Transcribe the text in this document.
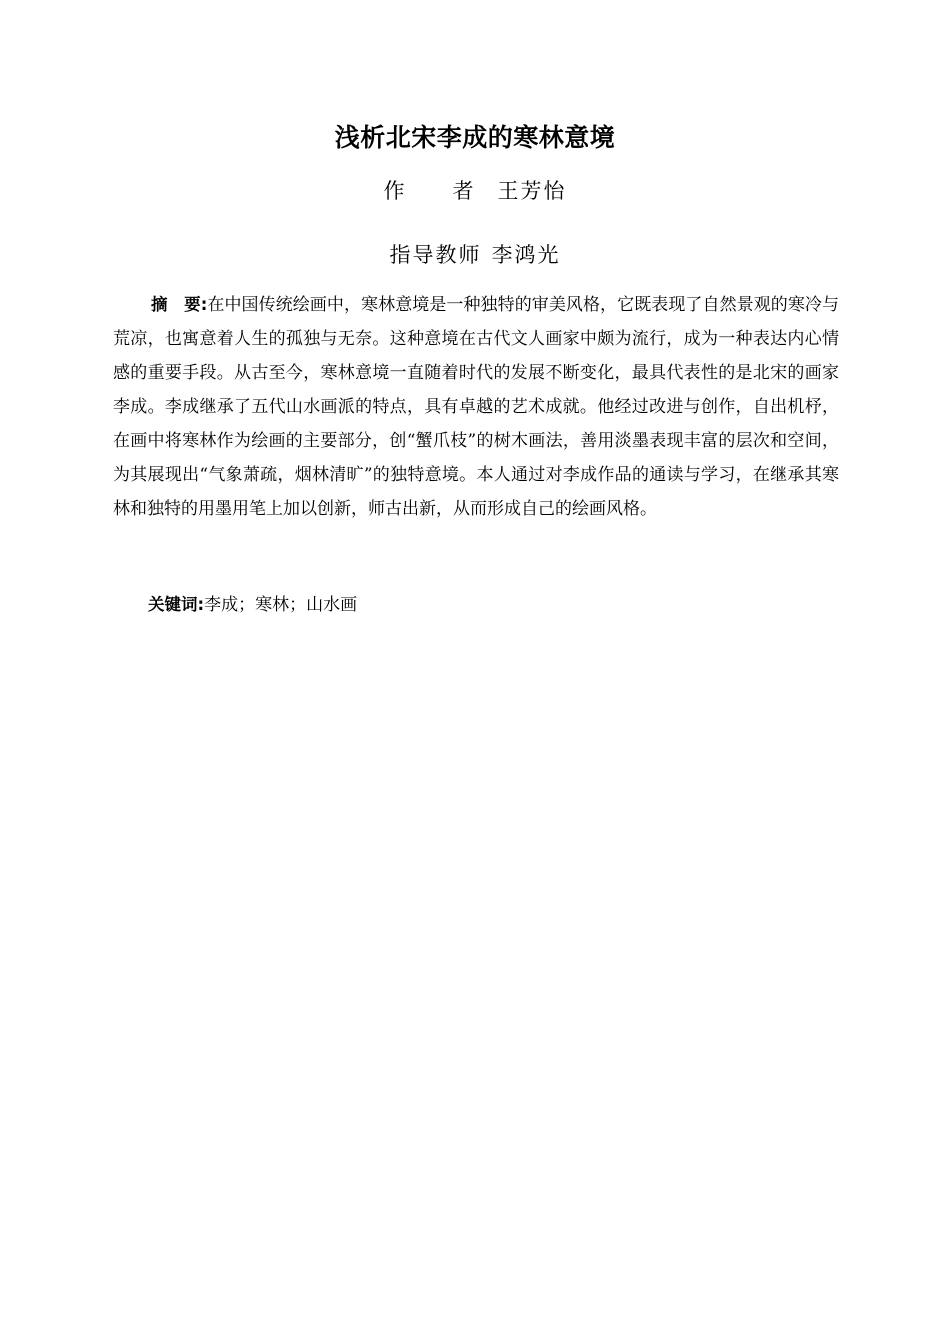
浅析北宋李成的寒林意境
作　　者 王芳怡
指导教师 李鸿光
摘　要:在中国传统绘画中，寒林意境是一种独特的审美风格，它既表现了自然景观的寒冷与荒凉，也寓意着人生的孤独与无奈。这种意境在古代文人画家中颇为流行，成为一种表达内心情感的重要手段。从古至今，寒林意境一直随着时代的发展不断变化，最具代表性的是北宋的画家李成。李成继承了五代山水画派的特点，具有卓越的艺术成就。他经过改进与创作，自出机杼，在画中将寒林作为绘画的主要部分，创“蟹爪枝”的树木画法，善用淡墨表现丰富的层次和空间，为其展现出“气象萧疏，烟林清旷”的独特意境。本人通过对李成作品的通读与学习，在继承其寒林和独特的用墨用笔上加以创新，师古出新，从而形成自己的绘画风格。
关键词:李成；寒林；山水画
